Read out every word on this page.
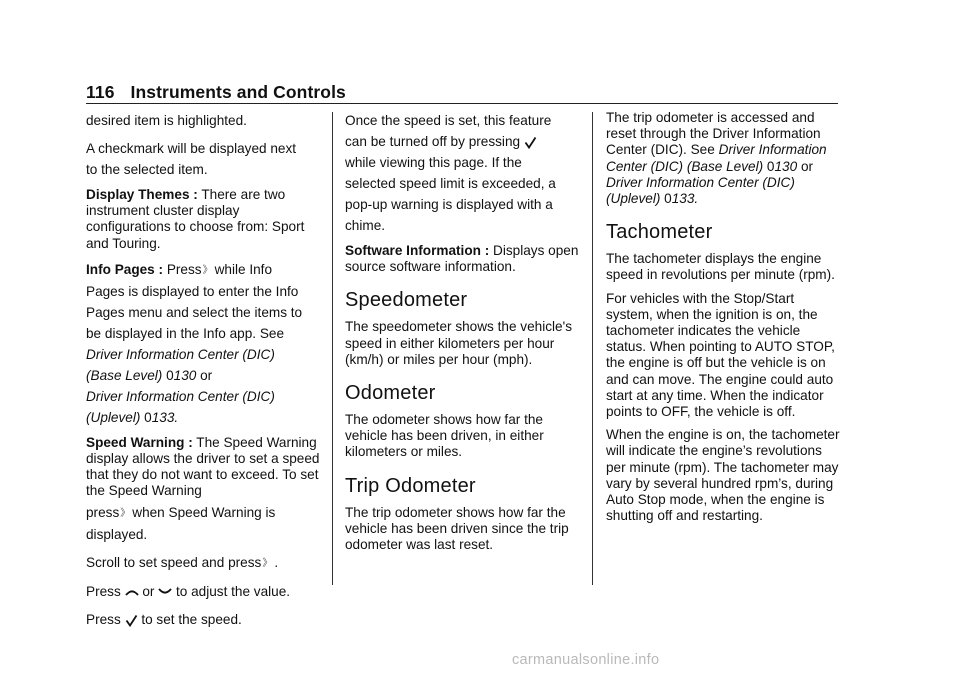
116 Instruments and Controls

desired item is highlighted.

A checkmark will be displayed next
to the selected item.

Display Themes : There are two instrument cluster display configurations to choose from: Sport and Touring.

Info Pages : Press》 while Info
Pages is displayed to enter the Info
Pages menu and select the items to
be displayed in the Info app. See
Driver Information Center (DIC)
(Base Level) 0130 or
Driver Information Center (DIC)
(Uplevel) 0133.

Speed Warning : The Speed Warning display allows the driver to set a speed that they do not want to exceed. To set the Speed Warning

press》 when Speed Warning is
displayed.

Scroll to set speed and press》 .

Press or to adjust the value.

Press to set the speed.

Once the speed is set, this feature
can be turned off by pressing

while viewing this page. If the
selected speed limit is exceeded, a
pop-up warning is displayed with a
chime.

Software Information : Displays open source software information.

Speedometer

The speedometer shows the vehicle's speed in either kilometers per hour (km/h) or miles per hour (mph).

Odometer

The odometer shows how far the vehicle has been driven, in either kilometers or miles.

Trip Odometer

The trip odometer shows how far the vehicle has been driven since the trip odometer was last reset.

The trip odometer is accessed and reset through the Driver Information Center (DIC). See Driver Information Center (DIC) (Base Level) 0130 or Driver Information Center (DIC) (Uplevel) 0133.

Tachometer

The tachometer displays the engine speed in revolutions per minute (rpm).

For vehicles with the Stop/Start system, when the ignition is on, the tachometer indicates the vehicle status. When pointing to AUTO STOP, the engine is off but the vehicle is on and can move. The engine could auto start at any time. When the indicator points to OFF, the vehicle is off.

When the engine is on, the tachometer will indicate the engine’s revolutions per minute (rpm). The tachometer may vary by several hundred rpm’s, during Auto Stop mode, when the engine is shutting off and restarting.

carmanualsonline.info
